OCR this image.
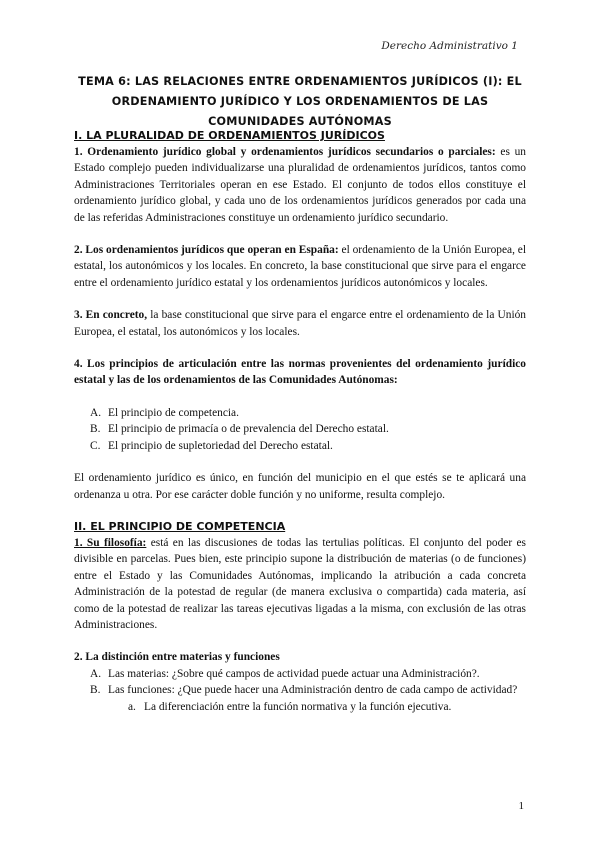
Derecho Administrativo 1
TEMA 6: LAS RELACIONES ENTRE ORDENAMIENTOS JURÍDICOS (I): EL ORDENAMIENTO JURÍDICO Y LOS ORDENAMIENTOS DE LAS COMUNIDADES AUTÓNOMAS
I. LA PLURALIDAD DE ORDENAMIENTOS JURÍDICOS

1. Ordenamiento jurídico global y ordenamientos jurídicos secundarios o parciales: es un Estado complejo pueden individualizarse una pluralidad de ordenamientos jurídicos, tantos como Administraciones Territoriales operan en ese Estado. El conjunto de todos ellos constituye el ordenamiento jurídico global, y cada uno de los ordenamientos jurídicos generados por cada una de las referidas Administraciones constituye un ordenamiento jurídico secundario.

2. Los ordenamientos jurídicos que operan en España: el ordenamiento de la Unión Europea, el estatal, los autonómicos y los locales. En concreto, la base constitucional que sirve para el engarce entre el ordenamiento jurídico estatal y los ordenamientos jurídicos autonómicos y locales.

3. En concreto, la base constitucional que sirve para el engarce entre el ordenamiento de la Unión Europea, el estatal, los autonómicos y los locales.

4. Los principios de articulación entre las normas provenientes del ordenamiento jurídico estatal y las de los ordenamientos de las Comunidades Autónomas:

A. El principio de competencia.
B. El principio de primacía o de prevalencia del Derecho estatal.
C. El principio de supletoriedad del Derecho estatal.

El ordenamiento jurídico es único, en función del municipio en el que estés se te aplicará una ordenanza u otra. Por ese carácter doble función y no uniforme, resulta complejo.

II. EL PRINCIPIO DE COMPETENCIA

1. Su filosofía: está en las discusiones de todas las tertulias políticas. El conjunto del poder es divisible en parcelas. Pues bien, este principio supone la distribución de materias (o de funciones) entre el Estado y las Comunidades Autónomas, implicando la atribución a cada concreta Administración de la potestad de regular (de manera exclusiva o compartida) cada materia, así como de la potestad de realizar las tareas ejecutivas ligadas a la misma, con exclusión de las otras Administraciones.

2. La distinción entre materias y funciones

A. Las materias: ¿Sobre qué campos de actividad puede actuar una Administración?.
B. Las funciones: ¿Que puede hacer una Administración dentro de cada campo de actividad?
a. La diferenciación entre la función normativa y la función ejecutiva.
1
